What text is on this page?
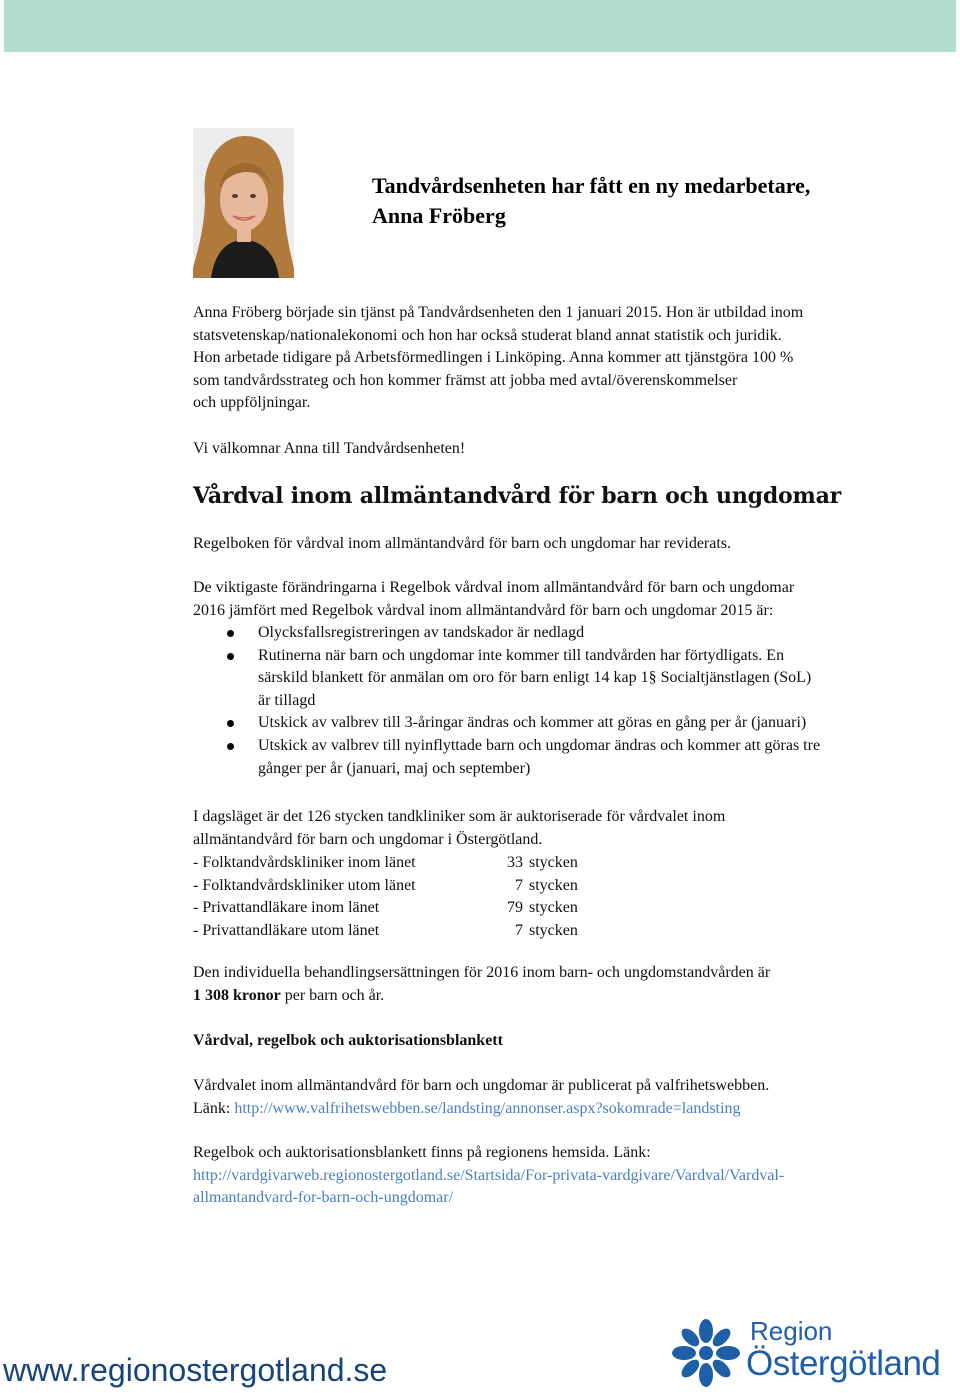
Tandvårdsenheten har fått en ny medarbetare,
Anna Fröberg
Anna Fröberg började sin tjänst på Tandvårdsenheten den 1 januari 2015. Hon är utbildad inom
statsvetenskap/nationalekonomi och hon har också studerat bland annat statistik och juridik.
Hon arbetade tidigare på Arbetsförmedlingen i Linköping. Anna kommer att tjänstgöra 100 %
som tandvårdsstrateg och hon kommer främst att jobba med avtal/överenskommelser
och uppföljningar.

Vi välkomnar Anna till Tandvårdsenheten!

Vårdval inom allmäntandvård för barn och ungdomar

Regelboken för vårdval inom allmäntandvård för barn och ungdomar har reviderats.

De viktigaste förändringarna i Regelbok vårdval inom allmäntandvård för barn och ungdomar
2016 jämfört med Regelbok vårdval inom allmäntandvård för barn och ungdomar 2015 är:
Olycksfallsregistreringen av tandskador är nedlagd
Rutinerna när barn och ungdomar inte kommer till tandvården har förtydligats. En
särskild blankett för anmälan om oro för barn enligt 14 kap 1§ Socialtjänstlagen (SoL)
är tillagd
Utskick av valbrev till 3-åringar ändras och kommer att göras en gång per år (januari)
Utskick av valbrev till nyinflyttade barn och ungdomar ändras och kommer att göras tre
gånger per år (januari, maj och september)
I dagsläget är det 126 stycken tandkliniker som är auktoriserade för vårdvalet inom
allmäntandvård för barn och ungdomar i Östergötland.
- Folktandvårdskliniker inom länet	33 stycken
- Folktandvårdskliniker utom länet	7 stycken
- Privattandläkare inom länet	79 stycken
- Privattandläkare utom länet	7 stycken
Den individuella behandlingsersättningen för 2016 inom barn- och ungdomstandvården är
1 308 kronor per barn och år.

Vårdval, regelbok och auktorisationsblankett

Vårdvalet inom allmäntandvård för barn och ungdomar är publicerat på valfrihetswebben.
Länk: http://www.valfrihetswebben.se/landsting/annonser.aspx?sokomrade=landsting
Regelbok och auktorisationsblankett finns på regionens hemsida. Länk:
http://vardgivarweb.regionostergotland.se/Startsida/For-privata-vardgivare/Vardval/Vardval-
allmantandvard-for-barn-och-ungdomar/

www.regionostergotland.se

Region
Östergötland
